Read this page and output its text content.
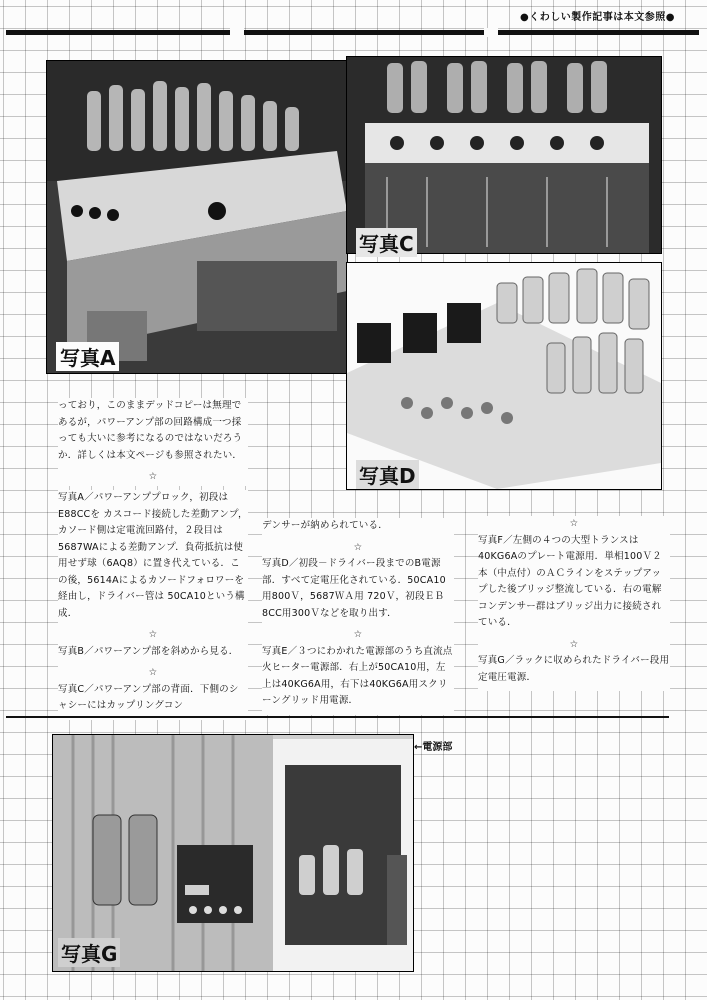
●くわしい製作記事は本文参照●
写真A
写真C
写真D

っており，このままデッドコピーは無理であるが，パワーアンプ部の回路構成一つ採っても大いに参考になるのではないだろうか．詳しくは本文ページも参照されたい．

☆

写真A／パワーアンププロック，初段はE88CCを カスコード接続した差動アンプ，カソード側は定電流回路付，２段目は5687WAによる差動アンプ．負荷抵抗は使用せず球（6AQ8）に置き代えている．この後，5614Aによるカソードフォロワーを経由し，ドライバー管は 50CA10という構成．

☆

写真B／パワーアンプ部を斜めから見る．

☆

写真C／パワーアンプ部の背面．下側のシャシーにはカップリングコン

デンサーが納められている．

☆

写真D／初段－ドライバー段までのB電源部．すべて定電圧化されている．50CA10用800Ｖ，5687ＷＡ用 720Ｖ，初段ＥＢ8CC用300Ｖなどを取り出す．

☆

写真E／３つにわかれた電源部のうち直流点火ヒーター電源部．右上が50CA10用，左上は40KG6A用，右下は40KG6A用スクリーングリッド用電源．

☆

写真F／左側の４つの大型トランスは40KG6Aのプレート電源用．単相100Ｖ２本（中点付）のＡＣラインをステップアップした後ブリッジ整流している．右の電解コンデンサー群はブリッジ出力に接続されている．

☆

写真G／ラックに収められたドライバー段用定電圧電源．

写真G
←電源部
